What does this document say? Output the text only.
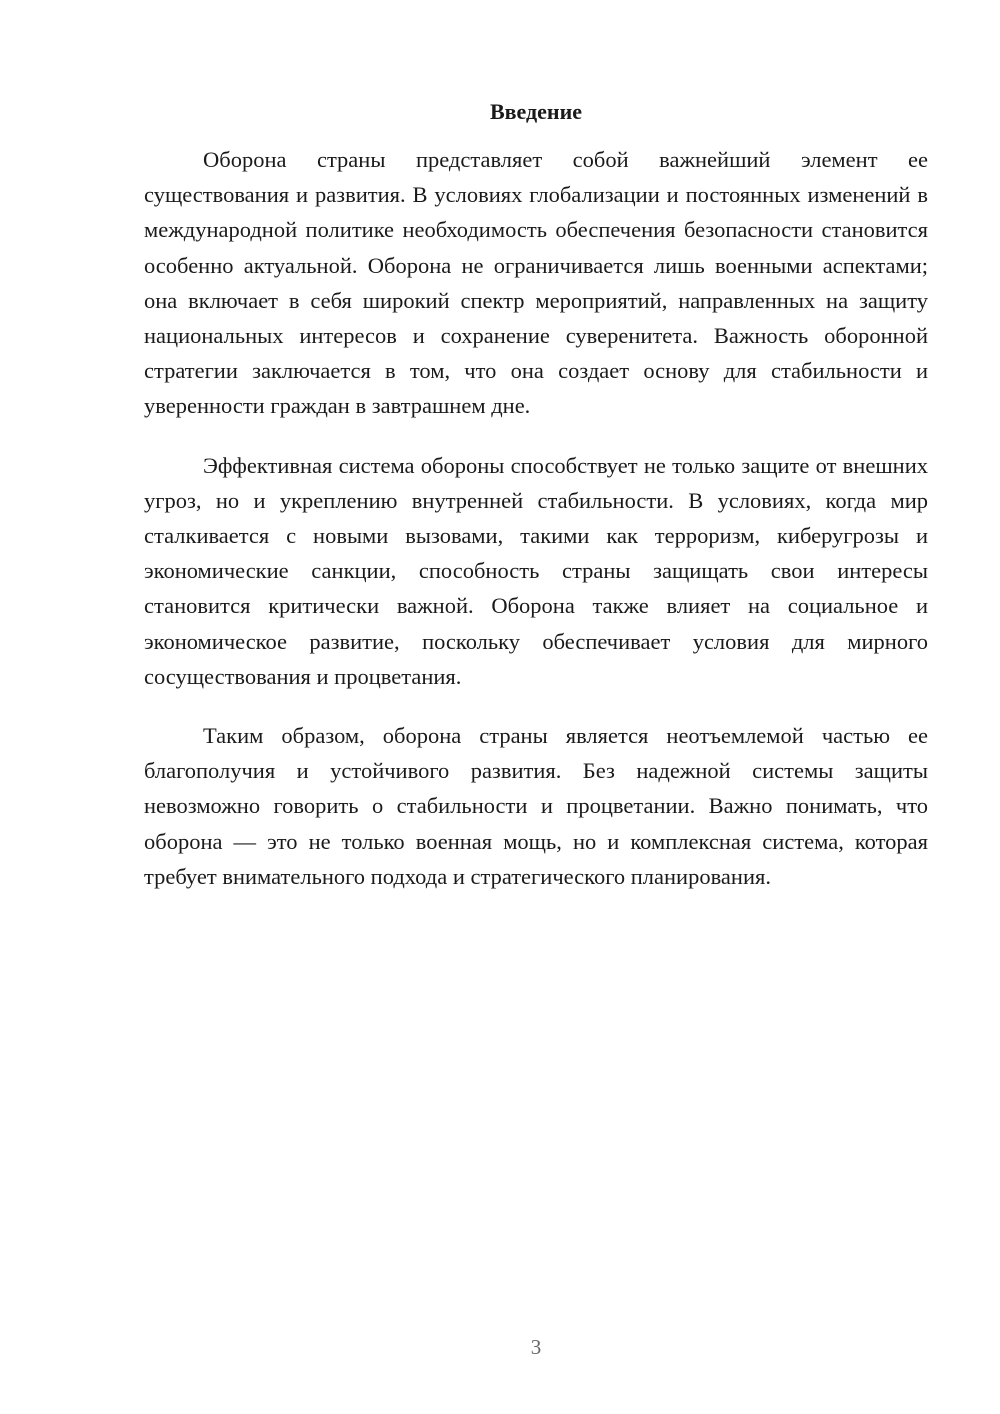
Введение

Оборона страны представляет собой важнейший элемент ее существования и развития. В условиях глобализации и постоянных изменений в международной политике необходимость обеспечения безопасности становится особенно актуальной. Оборона не ограничивается лишь военными аспектами; она включает в себя широкий спектр мероприятий, направленных на защиту национальных интересов и сохранение суверенитета. Важность оборонной стратегии заключается в том, что она создает основу для стабильности и уверенности граждан в завтрашнем дне.

Эффективная система обороны способствует не только защите от внешних угроз, но и укреплению внутренней стабильности. В условиях, когда мир сталкивается с новыми вызовами, такими как терроризм, киберугрозы и экономические санкции, способность страны защищать свои интересы становится критически важной. Оборона также влияет на социальное и экономическое развитие, поскольку обеспечивает условия для мирного сосуществования и процветания.

Таким образом, оборона страны является неотъемлемой частью ее благополучия и устойчивого развития. Без надежной системы защиты невозможно говорить о стабильности и процветании. Важно понимать, что оборона — это не только военная мощь, но и комплексная система, которая требует внимательного подхода и стратегического планирования.

3
